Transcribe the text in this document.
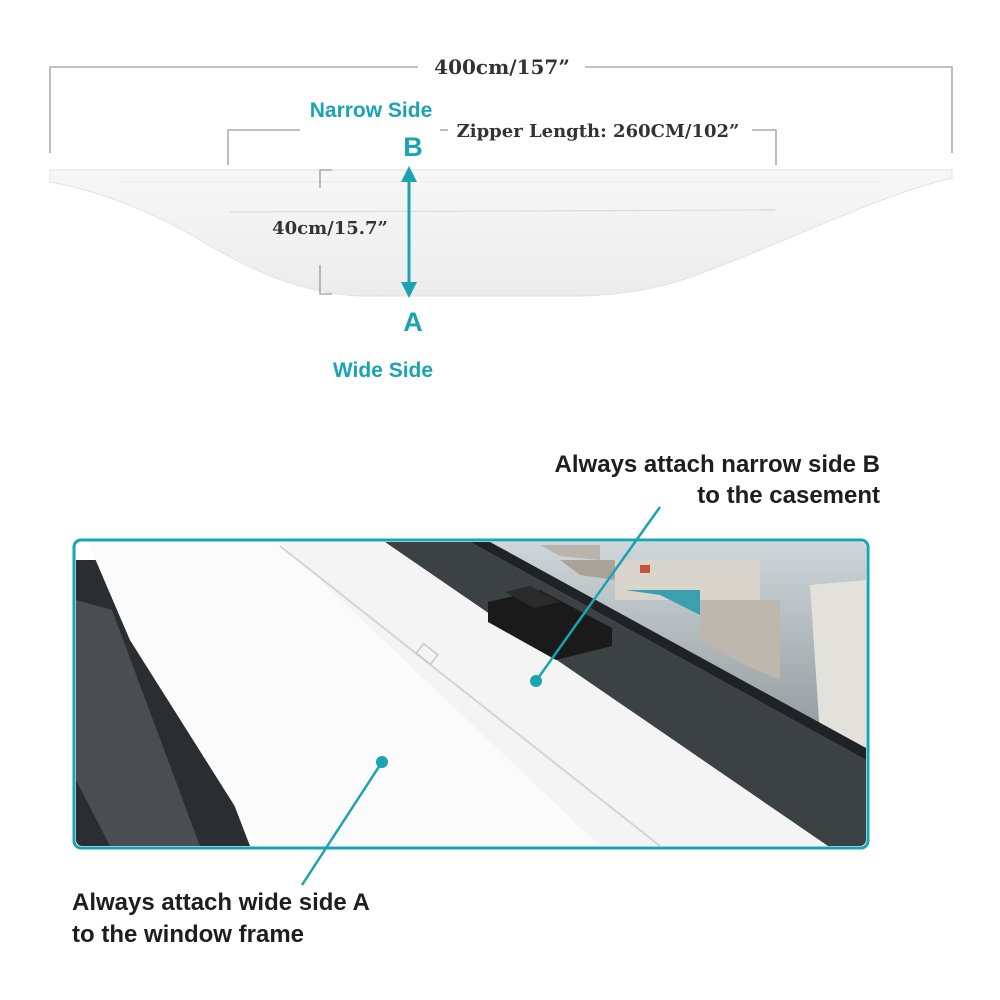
400cm/157”
Zipper Length: 260CM/102”
40cm/15.7”
Narrow Side
B
A
Wide Side
Always attach narrow side B
to the casement
Always attach wide side A
to the window frame
